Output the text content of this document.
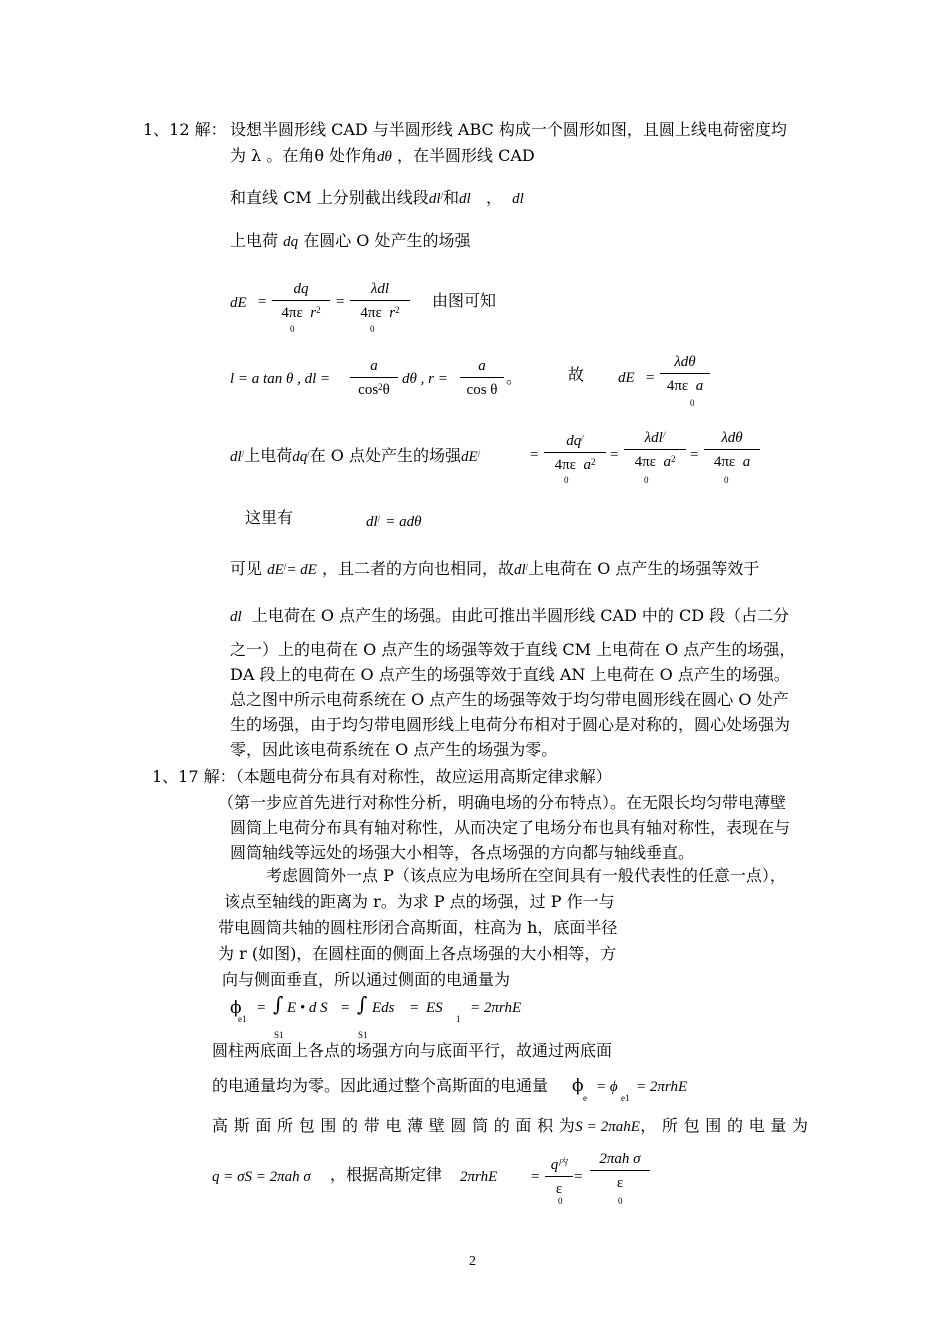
1、12 解： 设想半圆形线 CAD 与半圆形线 ABC 构成一个圆形如图，且圆上线电荷密度均
为 λ 。在角θ 处作角dθ ，在半圆形线 CAD
和直线 CM 上分别截出线段dl/和dl ， dl
上电荷 dq 在圆心 O 处产生的场强
dE =
dq
4πε $r^2$
0
=
λdl
4πε $r^2$
0
由图可知
l = a tan θ , dl =
a
$\cos^2\theta$
dθ , r =
a
cos θ
。	故 dE =
λdθ
4πε a
0
dl/上电荷dq/在 O 点处产生的场强dE/	=
dq/
4πε $a^2$
0
=
λdl/
4πε $a^2$
0
=
λdθ
4πε a
0
这里有	dl/ = adθ
可见 dE/= dE ，且二者的方向也相同，故dl/上电荷在 O 点产生的场强等效于
dl 上电荷在 O 点产生的场强。由此可推出半圆形线 CAD 中的 CD 段（占二分
之一）上的电荷在 O 点产生的场强等效于直线 CM 上电荷在 O 点产生的场强，
DA 段上的电荷在 O 点产生的场强等效于直线 AN 上电荷在 O 点产生的场强。
总之图中所示电荷系统在 O 点产生的场强等效于均匀带电圆形线在圆心 O 处产
生的场强，由于均匀带电圆形线上电荷分布相对于圆心是对称的，圆心处场强为
零，因此该电荷系统在 O 点产生的场强为零。
1、17 解：（本题电荷分布具有对称性，故应运用高斯定律求解）
（第一步应首先进行对称性分析，明确电场的分布特点）。在无限长均匀带电薄壁
圆筒上电荷分布具有轴对称性，从而决定了电场分布也具有轴对称性，表现在与
圆筒轴线等远处的场强大小相等，各点场强的方向都与轴线垂直。
考虑圆筒外一点 P（该点应为电场所在空间具有一般代表性的任意一点），
该点至轴线的距离为 r。为求 P 点的场强，过 P 作一与
带电圆筒共轴的圆柱形闭合高斯面，柱高为 h，底面半径
为 r (如图)，在圆柱面的侧面上各点场强的大小相等，方
向与侧面垂直，所以通过侧面的电通量为
ϕ
e1
= ∫ E • d S
S1
= ∫ Eds
S1
= ES
1
= 2πrhE
圆柱两底面上各点的场强方向与底面平行，故通过两底面
的电通量均为零。因此通过整个高斯面的电通量 ϕ
e
= ϕ
e1
= 2πrhE
高 斯 面 所 包 围 的 带 电 薄 壁 圆 筒 的 面 积 为S = 2πahE， 所 包 围 的 电 量 为
q = σS = 2πah σ ，根据高斯定律 2πrhE =
$q^内$
ε
0
=
2πah σ
ε
0
2
